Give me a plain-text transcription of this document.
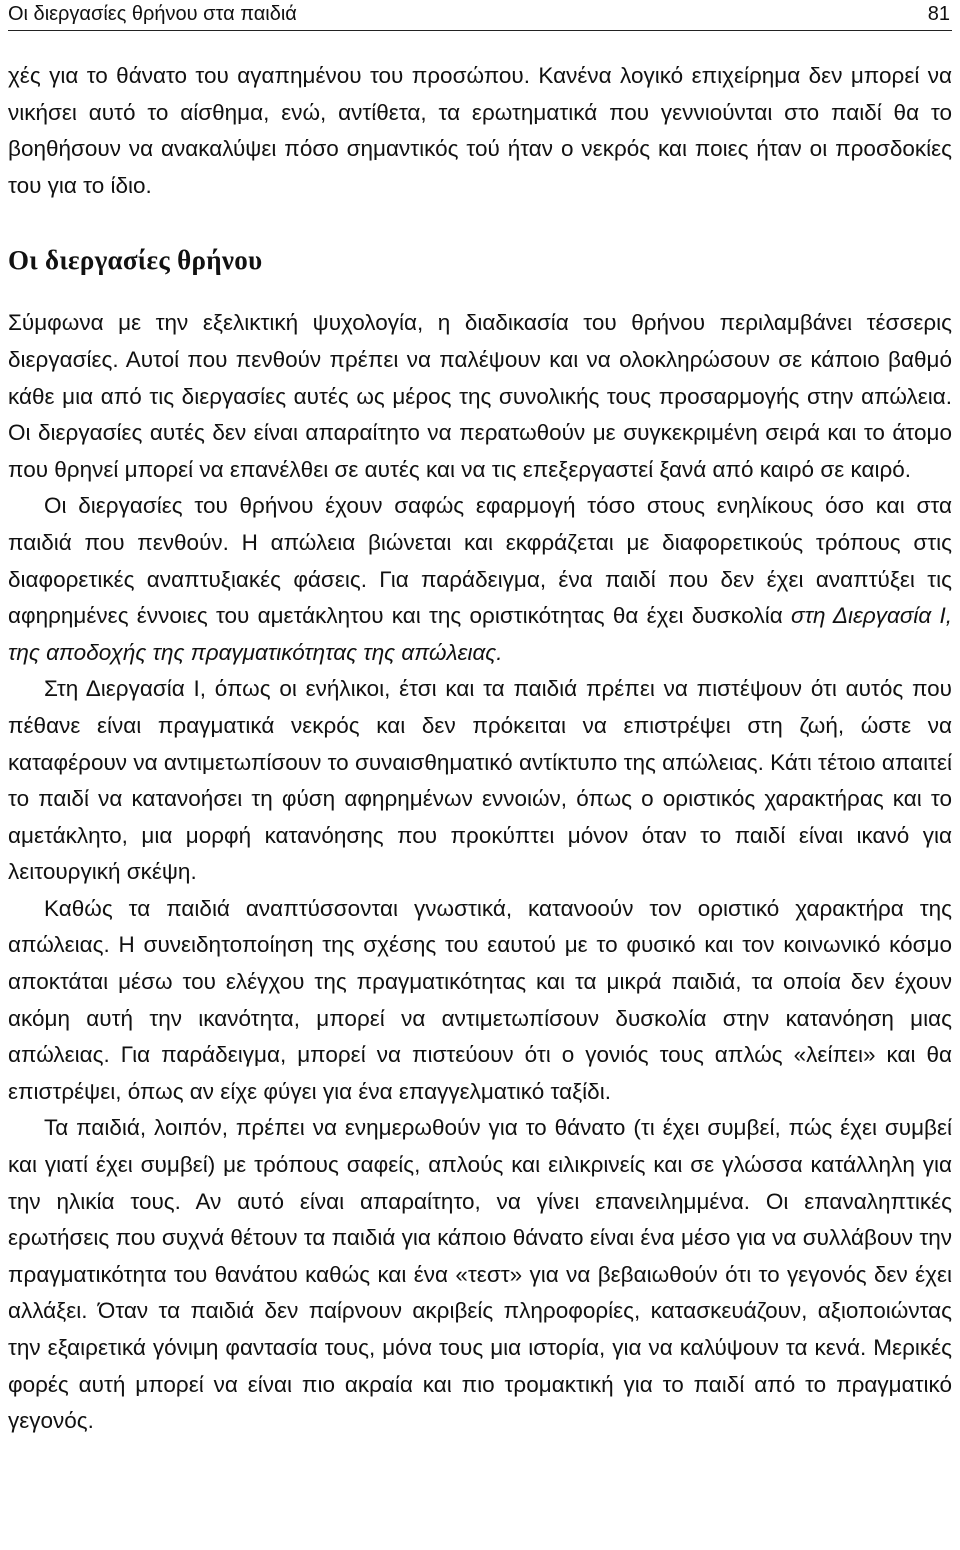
Οι διεργασίες θρήνου στα παιδιά	81

χές για το θάνατο του αγαπημένου του προσώπου. Κανένα λογικό επιχείρημα δεν μπορεί να νικήσει αυτό το αίσθημα, ενώ, αντίθετα, τα ερωτηματικά που γεννιούνται στο παιδί θα το βοηθήσουν να ανακαλύψει πόσο σημαντικός τού ήταν ο νεκρός και ποιες ήταν οι προσδοκίες του για το ίδιο.

Οι διεργασίες θρήνου

Σύμφωνα με την εξελικτική ψυχολογία, η διαδικασία του θρήνου περιλαμβάνει τέσσερις διεργασίες. Αυτοί που πενθούν πρέπει να παλέψουν και να ολοκληρώσουν σε κάποιο βαθμό κάθε μια από τις διεργασίες αυτές ως μέρος της συνολικής τους προσαρμογής στην απώλεια. Οι διεργασίες αυτές δεν είναι απαραίτητο να περατωθούν με συγκεκριμένη σειρά και το άτομο που θρηνεί μπορεί να επανέλθει σε αυτές και να τις επεξεργαστεί ξανά από καιρό σε καιρό.

Οι διεργασίες του θρήνου έχουν σαφώς εφαρμογή τόσο στους ενηλίκους όσο και στα παιδιά που πενθούν. Η απώλεια βιώνεται και εκφράζεται με διαφορετικούς τρόπους στις διαφορετικές αναπτυξιακές φάσεις. Για παράδειγμα, ένα παιδί που δεν έχει αναπτύξει τις αφηρημένες έννοιες του αμετάκλητου και της οριστικότητας θα έχει δυσκολία στη Διεργασία Ι, της αποδοχής της πραγματικότητας της απώλειας.

Στη Διεργασία Ι, όπως οι ενήλικοι, έτσι και τα παιδιά πρέπει να πιστέψουν ότι αυτός που πέθανε είναι πραγματικά νεκρός και δεν πρόκειται να επιστρέψει στη ζωή, ώστε να καταφέρουν να αντιμετωπίσουν το συναισθηματικό αντίκτυπο της απώλειας. Κάτι τέτοιο απαιτεί το παιδί να κατανοήσει τη φύση αφηρημένων εννοιών, όπως ο οριστικός χαρακτήρας και το αμετάκλητο, μια μορφή κατανόησης που προκύπτει μόνον όταν το παιδί είναι ικανό για λειτουργική σκέψη.

Καθώς τα παιδιά αναπτύσσονται γνωστικά, κατανοούν τον οριστικό χαρακτήρα της απώλειας. Η συνειδητοποίηση της σχέσης του εαυτού με το φυσικό και τον κοινωνικό κόσμο αποκτάται μέσω του ελέγχου της πραγματικότητας και τα μικρά παιδιά, τα οποία δεν έχουν ακόμη αυτή την ικανότητα, μπορεί να αντιμετωπίσουν δυσκολία στην κατανόηση μιας απώλειας. Για παράδειγμα, μπορεί να πιστεύουν ότι ο γονιός τους απλώς «λείπει» και θα επιστρέψει, όπως αν είχε φύγει για ένα επαγγελματικό ταξίδι.

Τα παιδιά, λοιπόν, πρέπει να ενημερωθούν για το θάνατο (τι έχει συμβεί, πώς έχει συμβεί και γιατί έχει συμβεί) με τρόπους σαφείς, απλούς και ειλικρινείς και σε γλώσσα κατάλληλη για την ηλικία τους. Αν αυτό είναι απαραίτητο, να γίνει επανειλημμένα. Οι επαναληπτικές ερωτήσεις που συχνά θέτουν τα παιδιά για κάποιο θάνατο είναι ένα μέσο για να συλλάβουν την πραγματικότητα του θανάτου καθώς και ένα «τεστ» για να βεβαιωθούν ότι το γεγονός δεν έχει αλλάξει. Όταν τα παιδιά δεν παίρνουν ακριβείς πληροφορίες, κατασκευάζουν, αξιοποιώντας την εξαιρετικά γόνιμη φαντασία τους, μόνα τους μια ιστορία, για να καλύψουν τα κενά. Μερικές φορές αυτή μπορεί να είναι πιο ακραία και πιο τρομακτική για το παιδί από το πραγματικό γεγονός.
